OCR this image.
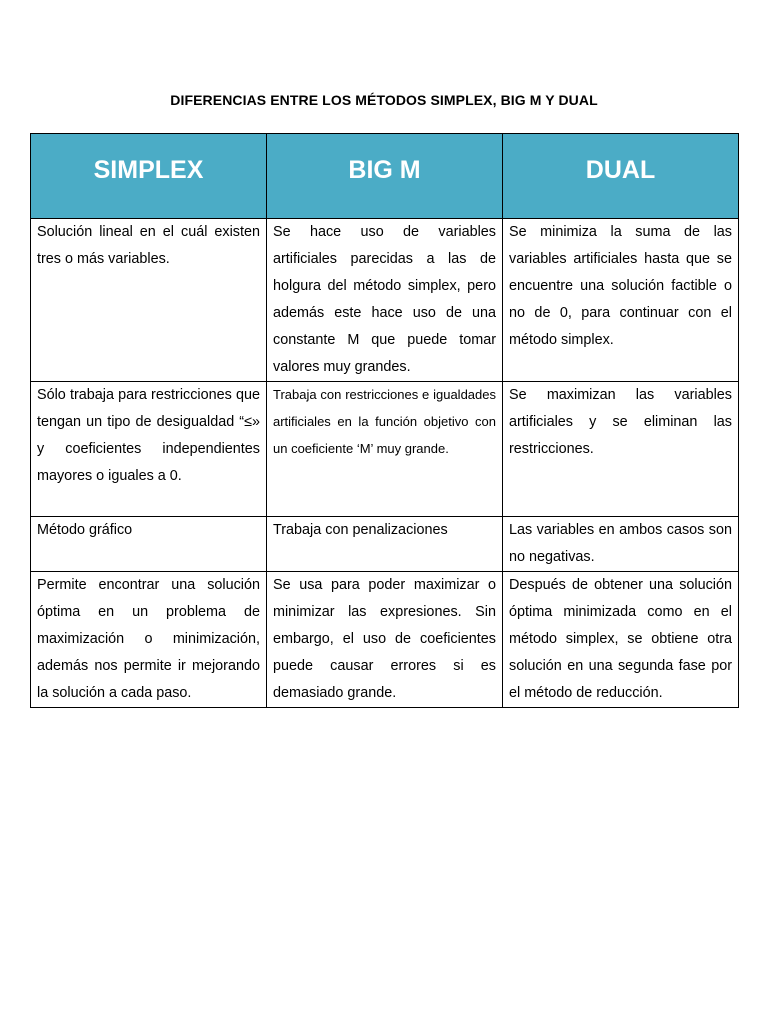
DIFERENCIAS ENTRE LOS MÉTODOS SIMPLEX, BIG M Y DUAL
SIMPLEX	BIG M	DUAL
Solución lineal en el cuál existen tres o más variables.	Se hace uso de variables artificiales parecidas a las de holgura del método simplex, pero además este hace uso de una constante M que puede tomar valores muy grandes.	Se minimiza la suma de las variables artificiales hasta que se encuentre una solución factible o no de 0, para continuar con el método simplex.
Sólo trabaja para restricciones que tengan un tipo de desigualdad “≤» y coeficientes independientes mayores o iguales a 0.	Trabaja con restricciones e igualdades artificiales en la función objetivo con un coeficiente ‘M’ muy grande.	Se maximizan las variables artificiales y se eliminan las restricciones.
Método gráfico	Trabaja con penalizaciones	Las variables en ambos casos son no negativas.
Permite encontrar una solución óptima en un problema de maximización o minimización, además nos permite ir mejorando la solución a cada paso.	Se usa para poder maximizar o minimizar las expresiones. Sin embargo, el uso de coeficientes puede causar errores si es demasiado grande.	Después de obtener una solución óptima minimizada como en el método simplex, se obtiene otra solución en una segunda fase por el método de reducción.
